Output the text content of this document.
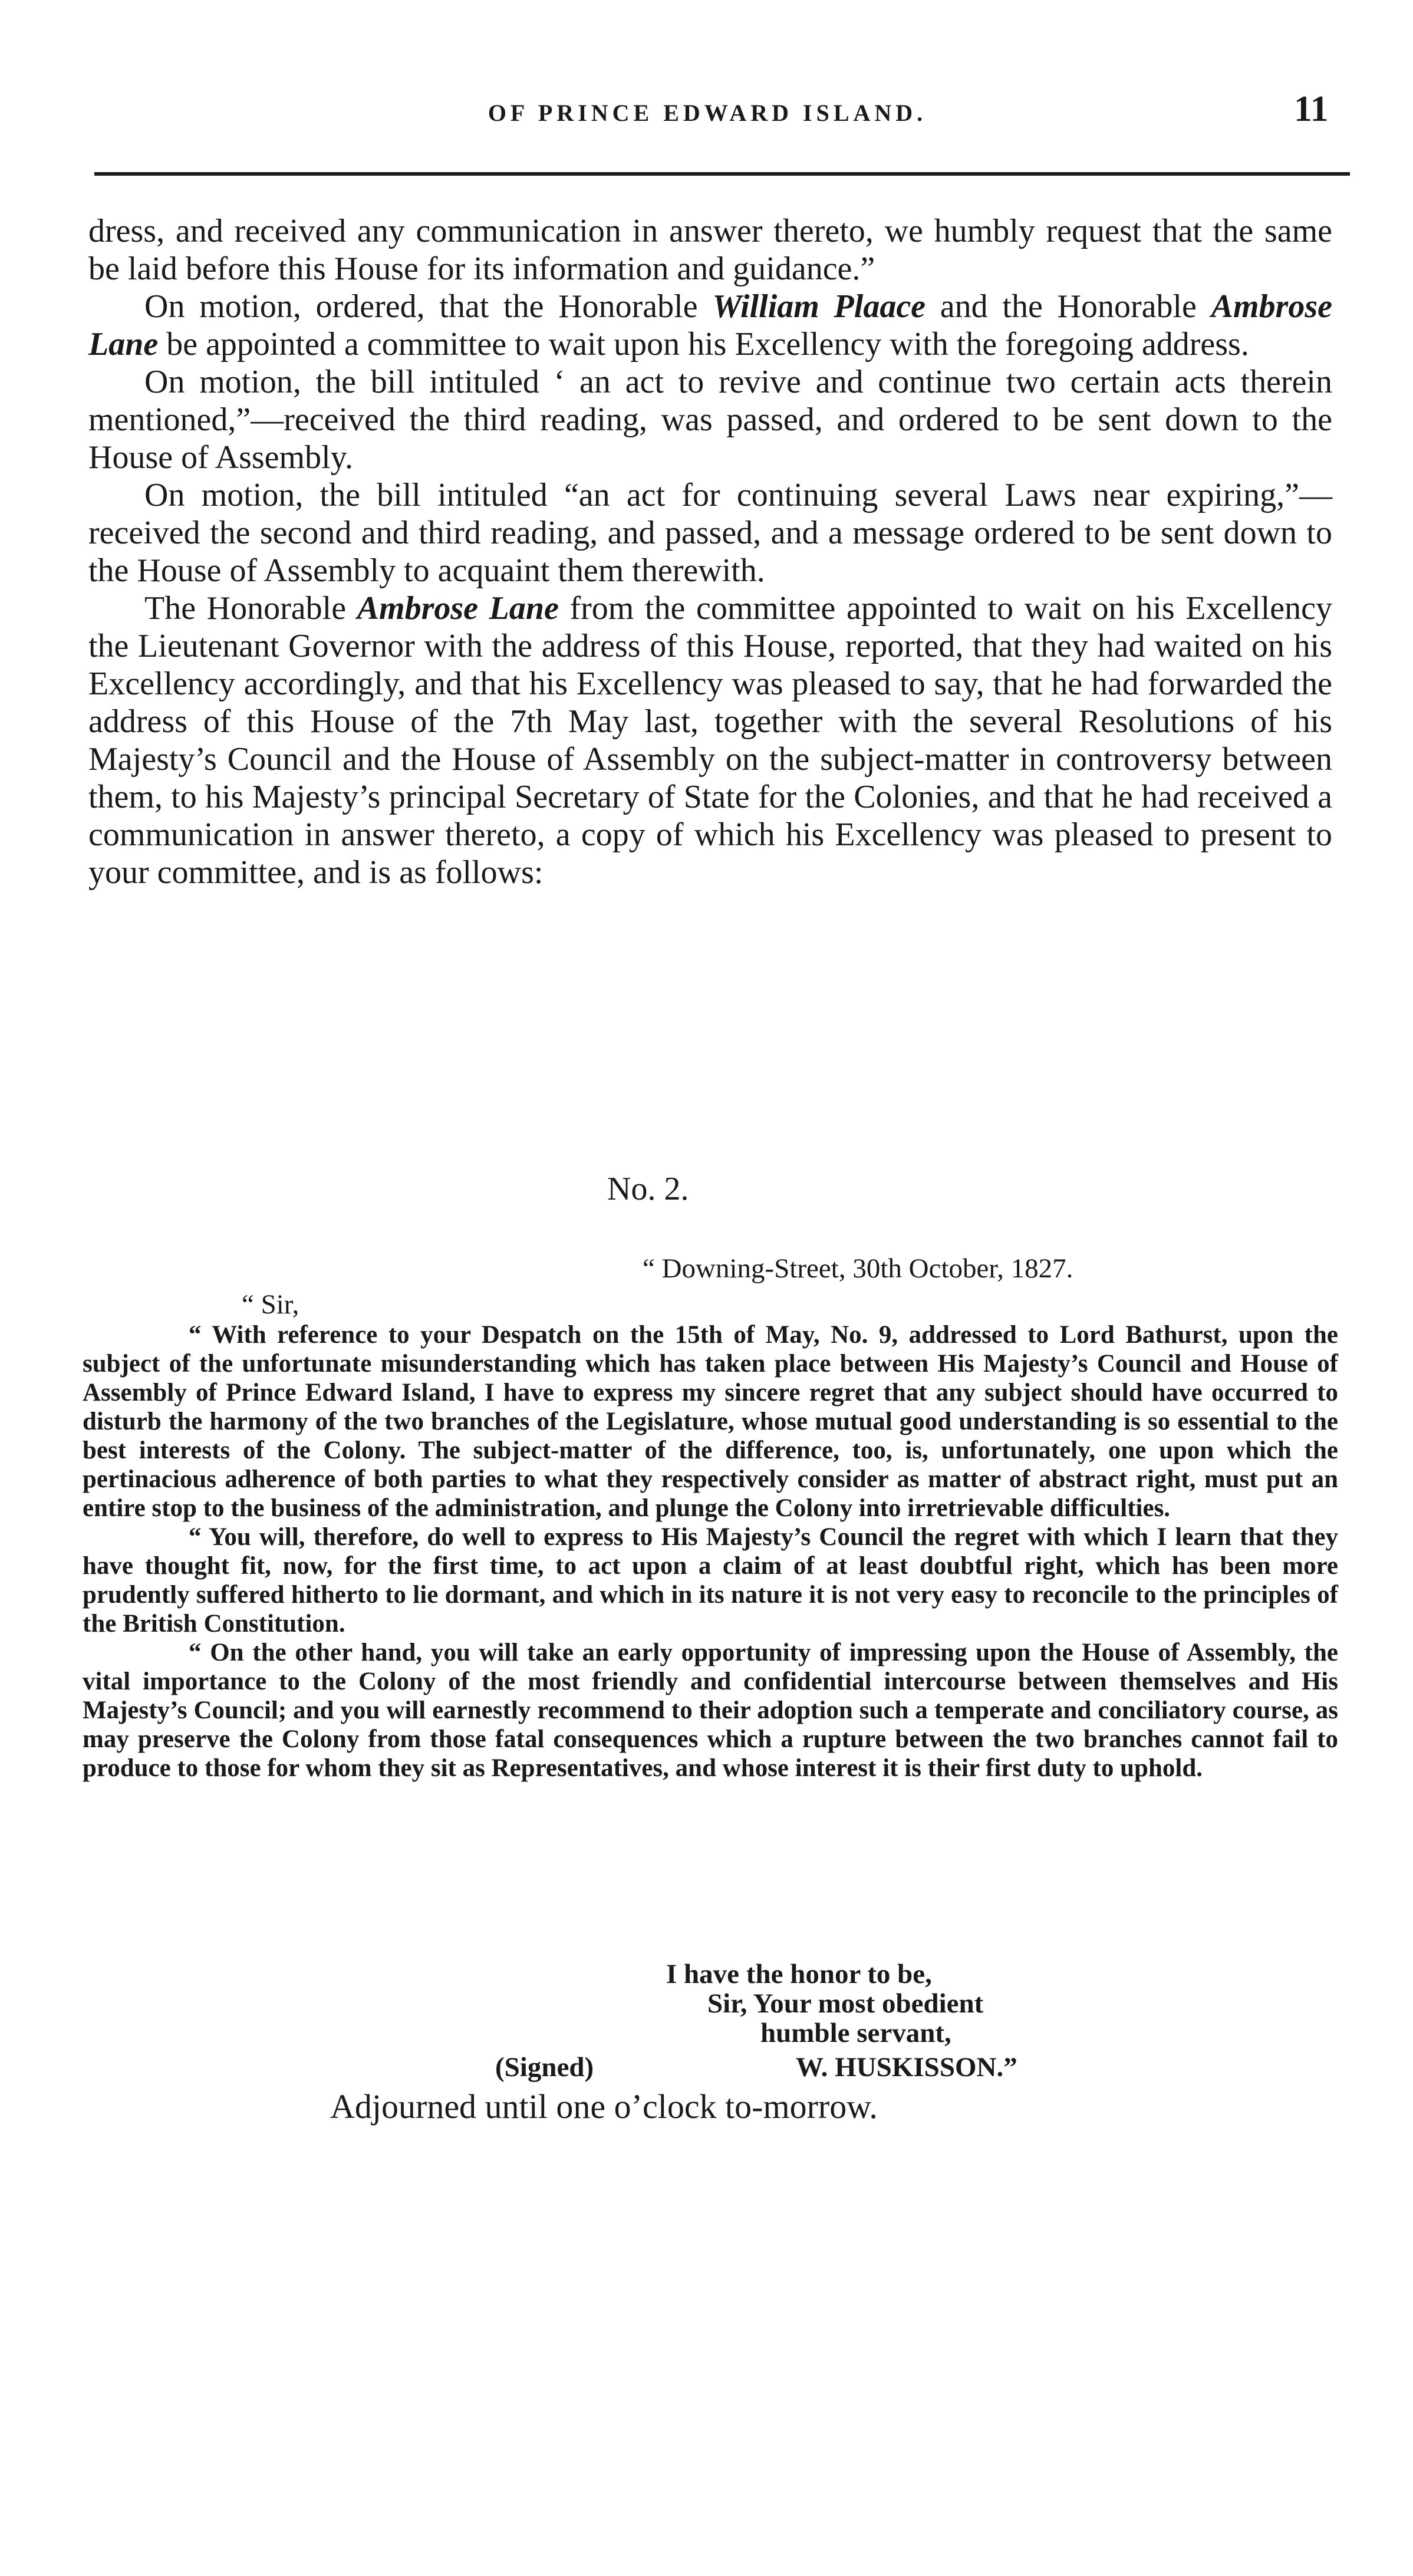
OF PRINCE EDWARD ISLAND.	11

dress, and received any communication in answer thereto, we humbly request that the same be laid before this House for its information and guidance.”

On motion, ordered, that the Honorable William Plaace and the Honorable Ambrose Lane be appointed a committee to wait upon his Excellency with the foregoing address.

On motion, the bill intituled ‘ an act to revive and continue two certain acts therein mentioned,”—received the third reading, was passed, and ordered to be sent down to the House of Assembly.

On motion, the bill intituled “an act for continuing several Laws near expiring,”—received the second and third reading, and passed, and a message ordered to be sent down to the House of Assembly to acquaint them therewith.

The Honorable Ambrose Lane from the committee appointed to wait on his Excellency the Lieutenant Governor with the address of this House, reported, that they had waited on his Excellency accordingly, and that his Excellency was pleased to say, that he had forwarded the address of this House of the 7th May last, together with the several Resolutions of his Majesty’s Council and the House of Assembly on the subject-matter in controversy between them, to his Majesty’s principal Secretary of State for the Colonies, and that he had received a communication in answer thereto, a copy of which his Excellency was pleased to present to your committee, and is as follows:

No. 2.
“ Downing-Street, 30th October, 1827.
“ Sir,

“ With reference to your Despatch on the 15th of May, No. 9, addressed to Lord Bathurst, upon the subject of the unfortunate misunderstanding which has taken place between His Majesty’s Council and House of Assembly of Prince Edward Island, I have to express my sincere regret that any subject should have occurred to disturb the harmony of the two branches of the Legislature, whose mutual good understanding is so essential to the best interests of the Colony. The subject-matter of the difference, too, is, unfortunately, one upon which the pertinacious adherence of both parties to what they respectively consider as matter of abstract right, must put an entire stop to the business of the administration, and plunge the Colony into irretrievable difficulties.

“ You will, therefore, do well to express to His Majesty’s Council the regret with which I learn that they have thought fit, now, for the first time, to act upon a claim of at least doubtful right, which has been more prudently suffered hitherto to lie dormant, and which in its nature it is not very easy to reconcile to the principles of the British Constitution.

“ On the other hand, you will take an early opportunity of impressing upon the House of Assembly, the vital importance to the Colony of the most friendly and confidential intercourse between themselves and His Majesty’s Council; and you will earnestly recommend to their adoption such a temperate and conciliatory course, as may preserve the Colony from those fatal consequences which a rupture between the two branches cannot fail to produce to those for whom they sit as Representatives, and whose interest it is their first duty to uphold.

I have the honor to be,
Sir, Your most obedient
humble servant,
(Signed)	W. HUSKISSON.”
Adjourned until one o’clock to-morrow.
